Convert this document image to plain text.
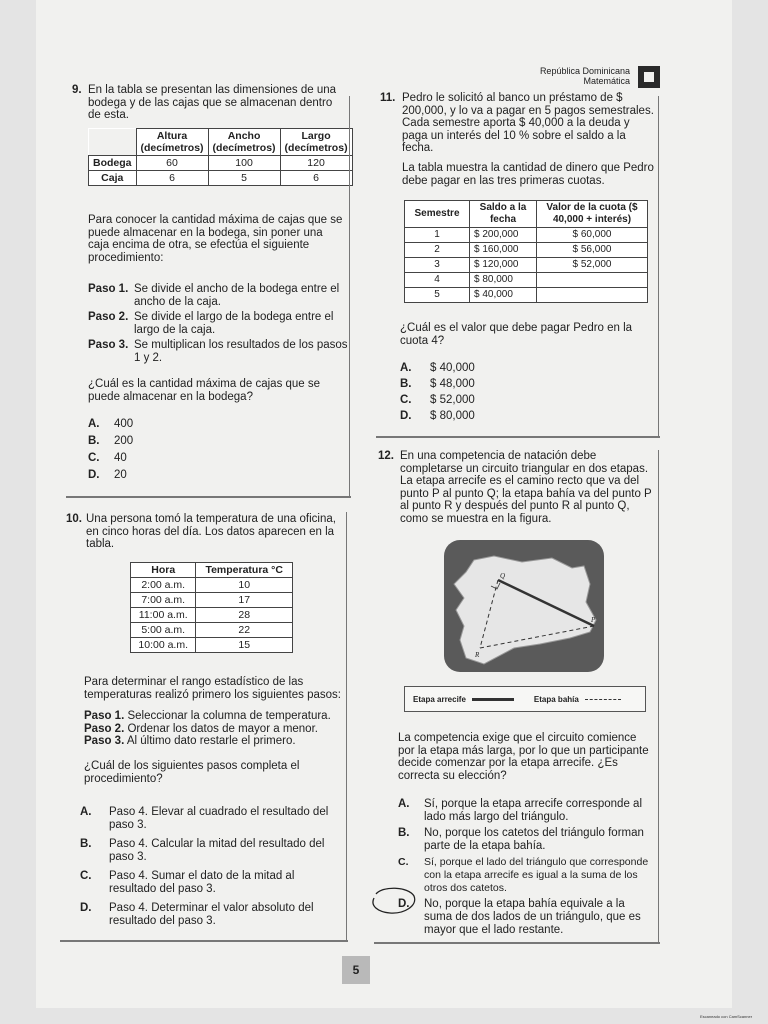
República Dominicana
Matemática
9. En la tabla se presentan las dimensiones de una bodega y de las cajas que se almacenan dentro de esta.
	Altura (decímetros)	Ancho (decímetros)	Largo (decímetros)
Bodega	60	100	120
Caja	6	5	6
Para conocer la cantidad máxima de cajas que se puede almacenar en la bodega, sin poner una caja encima de otra, se efectúa el siguiente procedimiento:
Paso 1. Se divide el ancho de la bodega entre el ancho de la caja.
Paso 2. Se divide el largo de la bodega entre el largo de la caja.
Paso 3. Se multiplican los resultados de los pasos 1 y 2.
¿Cuál es la cantidad máxima de cajas que se puede almacenar en la bodega?
A.	400
B.	200
C.	40
D.	20
10. Una persona tomó la temperatura de una oficina, en cinco horas del día. Los datos aparecen en la tabla.
Hora	Temperatura °C
2:00 a.m.	10
7:00 a.m.	17
11:00 a.m.	28
5:00 a.m.	22
10:00 a.m.	15
Para determinar el rango estadístico de las temperaturas realizó primero los siguientes pasos:
Paso 1. Seleccionar la columna de temperatura.
Paso 2. Ordenar los datos de mayor a menor.
Paso 3. Al último dato restarle el primero.
¿Cuál de los siguientes pasos completa el procedimiento?
A.	Paso 4. Elevar al cuadrado el resultado del paso 3.
B.	Paso 4. Calcular la mitad del resultado del paso 3.
C.	Paso 4. Sumar el dato de la mitad al resultado del paso 3.
D.	Paso 4. Determinar el valor absoluto del resultado del paso 3.
11. Pedro le solicitó al banco un préstamo de $ 200,000, y lo va a pagar en 5 pagos semestrales. Cada semestre aporta $ 40,000 a la deuda y paga un interés del 10 % sobre el saldo a la fecha.
La tabla muestra la cantidad de dinero que Pedro debe pagar en las tres primeras cuotas.
Semestre	Saldo a la fecha	Valor de la cuota ($ 40,000 + interés)
1	$ 200,000	$ 60,000
2	$ 160,000	$ 56,000
3	$ 120,000	$ 52,000
4	$ 80,000	
5	$ 40,000	
¿Cuál es el valor que debe pagar Pedro en la cuota 4?
A.	$ 40,000
B.	$ 48,000
C.	$ 52,000
D.	$ 80,000
12. En una competencia de natación debe completarse un circuito triangular en dos etapas. La etapa arrecife es el camino recto que va del punto P al punto Q; la etapa bahía va del punto P al punto R y después del punto R al punto Q, como se muestra en la figura.
Q
P
R
Etapa arrecife	Etapa bahía
La competencia exige que el circuito comience por la etapa más larga, por lo que un participante decide comenzar por la etapa arrecife. ¿Es correcta su elección?
A.	Sí, porque la etapa arrecife corresponde al lado más largo del triángulo.
B.	No, porque los catetos del triángulo forman parte de la etapa bahía.
C.	Sí, porque el lado del triángulo que corresponde con la etapa arrecife es igual a la suma de los otros dos catetos.
D.	No, porque la etapa bahía equivale a la suma de dos lados de un triángulo, que es mayor que el lado restante.
5
Escaneado con CamScanner
